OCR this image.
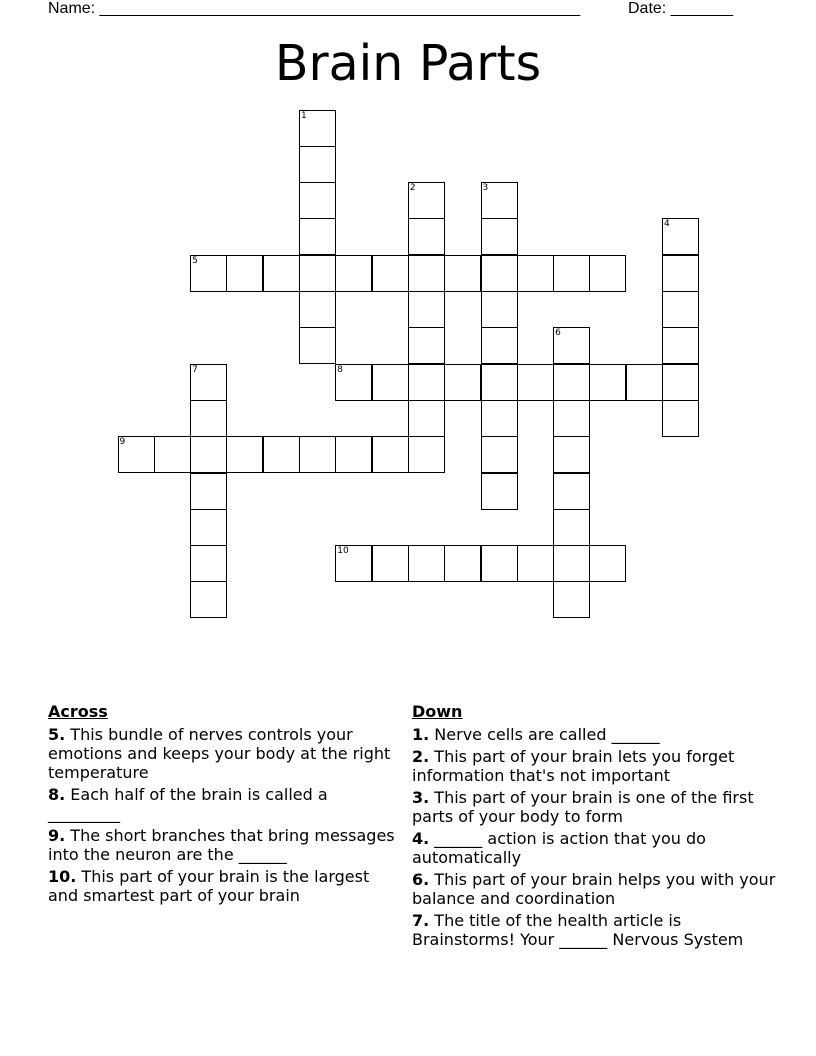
Name: ______________________________________________________	Date: _______
Brain Parts
1
2	3
4
5
6
7	8
9
10
Across
5. This bundle of nerves controls your emotions and keeps your body at the right temperature
8. Each half of the brain is called a _________
9. The short branches that bring messages into the neuron are the ______
10. This part of your brain is the largest and smartest part of your brain
Down
1. Nerve cells are called ______
2. This part of your brain lets you forget information that's not important
3. This part of your brain is one of the first parts of your body to form
4. ______ action is action that you do automatically
6. This part of your brain helps you with your balance and coordination
7. The title of the health article is Brainstorms! Your ______ Nervous System
